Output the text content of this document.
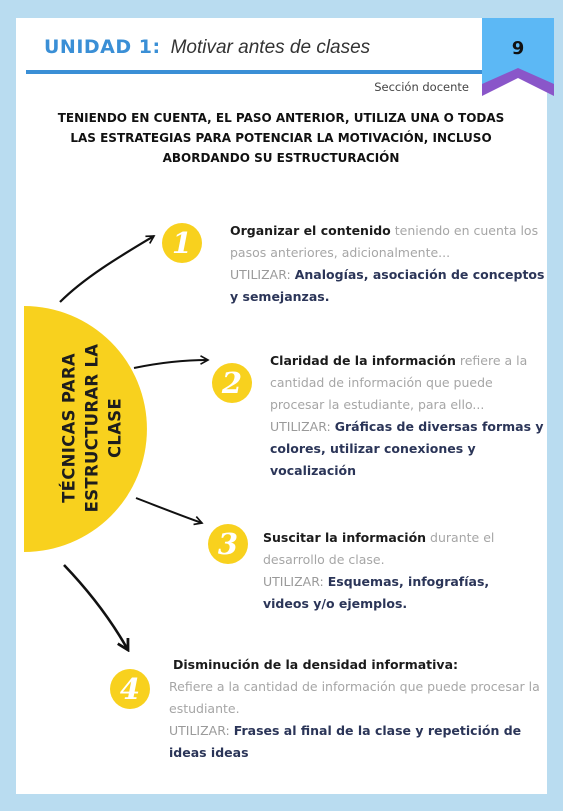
UNIDAD 1: Motivar antes de clases	9
Sección docente
TENIENDO EN CUENTA, EL PASO ANTERIOR, UTILIZA UNA O TODAS LAS ESTRATEGIAS PARA POTENCIAR LA MOTIVACIÓN, INCLUSO ABORDANDO SU ESTRUCTURACIÓN
TÉCNICAS PARA ESTRUCTURAR LA CLASE
1	Organizar el contenido teniendo en cuenta los pasos anteriores, adicionalmente...
UTILIZAR: Analogías, asociación de conceptos y semejanzas.
2
Claridad de la información refiere a la cantidad de información que puede procesar la estudiante, para ello...
UTILIZAR: Gráficas de diversas formas y colores, utilizar conexiones y vocalización
3	Suscitar la información durante el desarrollo de clase.
UTILIZAR: Esquemas, infografías, videos y/o ejemplos.
4
Disminución de la densidad informativa:
Refiere a la cantidad de información que puede procesar la estudiante.
UTILIZAR: Frases al final de la clase y repetición de ideas ideas
